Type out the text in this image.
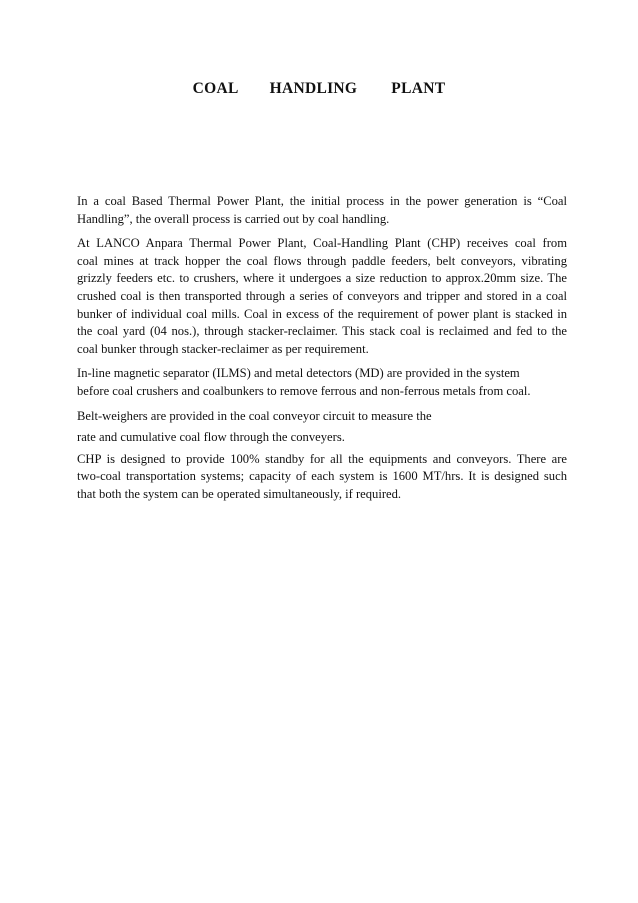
COAL HANDLING PLANT

In a coal Based Thermal Power Plant, the initial process in the power generation is “Coal
Handling”, the overall process is carried out by coal handling.

At LANCO Anpara Thermal Power Plant, Coal-Handling Plant (CHP) receives coal from
coal mines at track hopper the coal flows through paddle feeders, belt conveyors, vibrating
grizzly feeders etc. to crushers, where it undergoes a size reduction to approx.20mm size. The
crushed coal is then transported through a series of conveyors and tripper and stored in a coal
bunker of individual coal mills. Coal in excess of the requirement of power plant is stacked in
the coal yard (04 nos.), through stacker-reclaimer. This stack coal is reclaimed and fed to the
coal bunker through stacker-reclaimer as per requirement.

In-line magnetic separator (ILMS) and metal detectors (MD) are provided in the system
before coal crushers and coalbunkers to remove ferrous and non-ferrous metals from coal.

Belt-weighers are provided in the coal conveyor circuit to measure the

rate and cumulative coal flow through the conveyers.

CHP is designed to provide 100% standby for all the equipments and conveyors. There are
two-coal transportation systems; capacity of each system is 1600 MT/hrs. It is designed such
that both the system can be operated simultaneously, if required.
